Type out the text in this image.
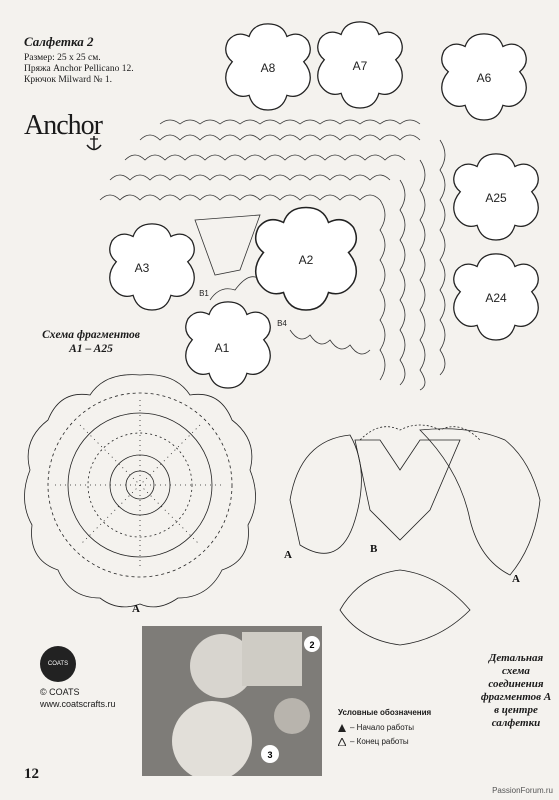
Салфетка 2
Размер: 25 х 25 см.
Пряжа Anchor Pellicano 12.
Крючок Milward № 1.
Anchor
A8	A7
A6
A25
A24
A3
A2
A1
B1
B4
A
A	B
A
Схема фрагментов
A1 – A25
Детальная
схема
соединения
фрагментов А
в центре
салфетки
COATS
© COATS
www.coatscrafts.ru
2
3
Условные обозначения
– Начало работы
– Конец работы
12
PassionForum.ru
